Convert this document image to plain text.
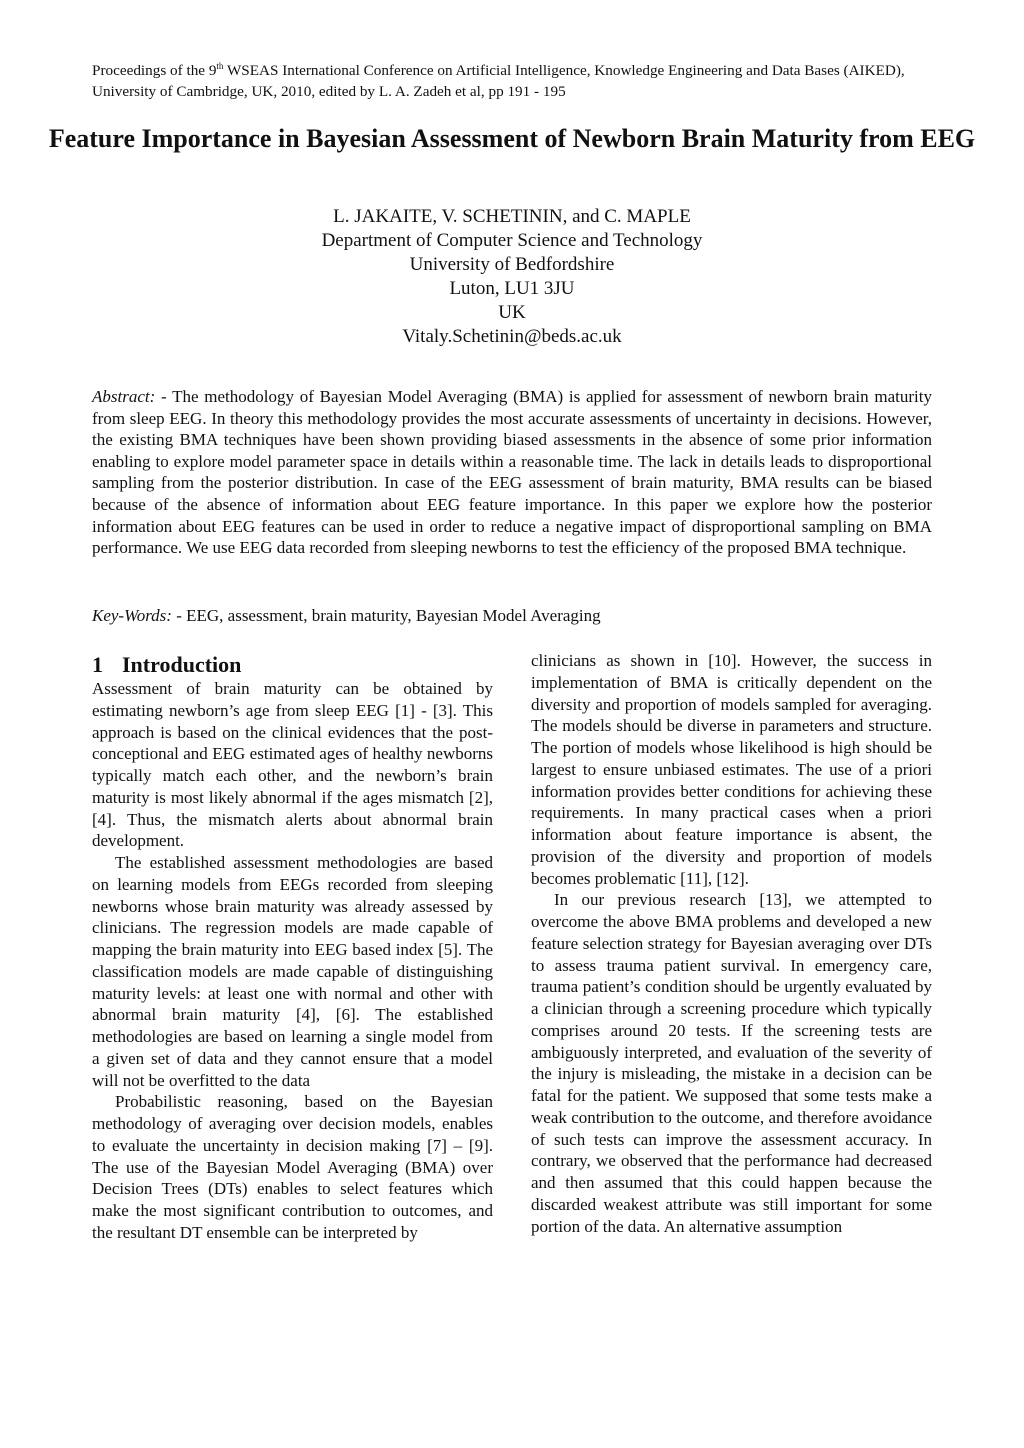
Proceedings of the 9th WSEAS International Conference on Artificial Intelligence, Knowledge Engineering and Data Bases (AIKED), University of Cambridge, UK, 2010, edited by L. A. Zadeh et al, pp 191 - 195
Feature Importance in Bayesian Assessment of Newborn Brain Maturity from EEG
L. JAKAITE, V. SCHETININ, and C. MAPLE
Department of Computer Science and Technology
University of Bedfordshire
Luton, LU1 3JU
UK
Vitaly.Schetinin@beds.ac.uk
Abstract: - The methodology of Bayesian Model Averaging (BMA) is applied for assessment of newborn brain maturity from sleep EEG. In theory this methodology provides the most accurate assessments of uncertainty in decisions. However, the existing BMA techniques have been shown providing biased assessments in the absence of some prior information enabling to explore model parameter space in details within a reasonable time. The lack in details leads to disproportional sampling from the posterior distribution. In case of the EEG assessment of brain maturity, BMA results can be biased because of the absence of information about EEG feature importance. In this paper we explore how the posterior information about EEG features can be used in order to reduce a negative impact of disproportional sampling on BMA performance. We use EEG data recorded from sleeping newborns to test the efficiency of the proposed BMA technique.
Key-Words: - EEG, assessment, brain maturity, Bayesian Model Averaging
1 Introduction

Assessment of brain maturity can be obtained by estimating newborn’s age from sleep EEG [1] - [3]. This approach is based on the clinical evidences that the post-conceptional and EEG estimated ages of healthy newborns typically match each other, and the newborn’s brain maturity is most likely abnormal if the ages mismatch [2], [4]. Thus, the mismatch alerts about abnormal brain development.

The established assessment methodologies are based on learning models from EEGs recorded from sleeping newborns whose brain maturity was already assessed by clinicians. The regression models are made capable of mapping the brain maturity into EEG based index [5]. The classification models are made capable of distinguishing maturity levels: at least one with normal and other with abnormal brain maturity [4], [6]. The established methodologies are based on learning a single model from a given set of data and they cannot ensure that a model will not be overfitted to the data

Probabilistic reasoning, based on the Bayesian methodology of averaging over decision models, enables to evaluate the uncertainty in decision making [7] – [9]. The use of the Bayesian Model Averaging (BMA) over Decision Trees (DTs) enables to select features which make the most significant contribution to outcomes, and the resultant DT ensemble can be interpreted by

clinicians as shown in [10]. However, the success in implementation of BMA is critically dependent on the diversity and proportion of models sampled for averaging. The models should be diverse in parameters and structure. The portion of models whose likelihood is high should be largest to ensure unbiased estimates. The use of a priori information provides better conditions for achieving these requirements. In many practical cases when a priori information about feature importance is absent, the provision of the diversity and proportion of models becomes problematic [11], [12].

In our previous research [13], we attempted to overcome the above BMA problems and developed a new feature selection strategy for Bayesian averaging over DTs to assess trauma patient survival. In emergency care, trauma patient’s condition should be urgently evaluated by a clinician through a screening procedure which typically comprises around 20 tests. If the screening tests are ambiguously interpreted, and evaluation of the severity of the injury is misleading, the mistake in a decision can be fatal for the patient. We supposed that some tests make a weak contribution to the outcome, and therefore avoidance of such tests can improve the assessment accuracy. In contrary, we observed that the performance had decreased and then assumed that this could happen because the discarded weakest attribute was still important for some portion of the data. An alternative assumption
